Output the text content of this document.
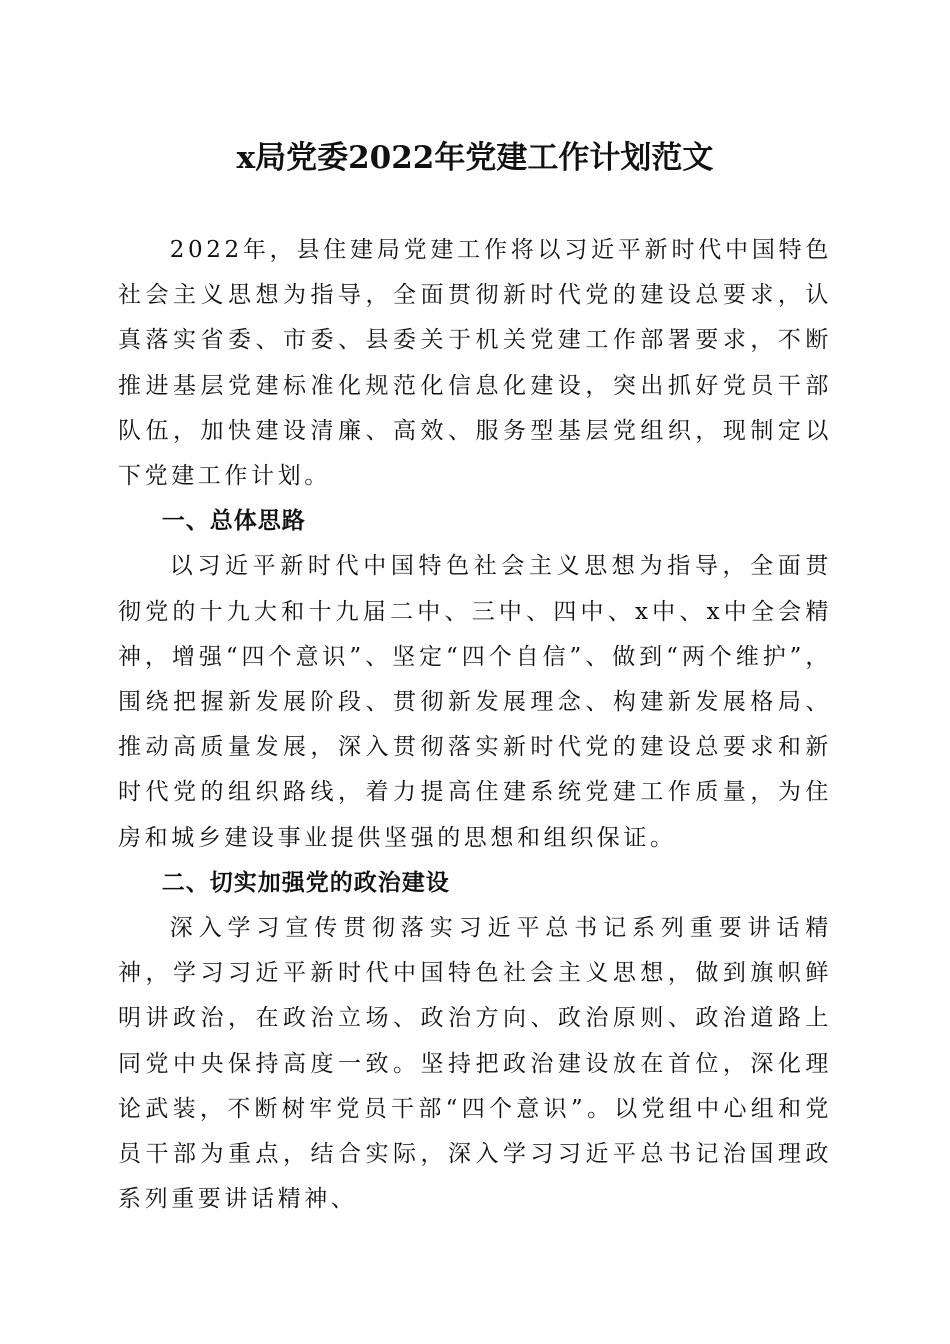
x局党委2022年党建工作计划范文

2022年，县住建局党建工作将以习近平新时代中国特色社会主义思想为指导，全面贯彻新时代党的建设总要求，认真落实省委、市委、县委关于机关党建工作部署要求，不断推进基层党建标准化规范化信息化建设，突出抓好党员干部队伍，加快建设清廉、高效、服务型基层党组织，现制定以下党建工作计划。

一、总体思路

以习近平新时代中国特色社会主义思想为指导，全面贯彻党的十九大和十九届二中、三中、四中、x中、x中全会精神，增强“四个意识”、坚定“四个自信”、做到“两个维护”，围绕把握新发展阶段、贯彻新发展理念、构建新发展格局、推动高质量发展，深入贯彻落实新时代党的建设总要求和新时代党的组织路线，着力提高住建系统党建工作质量，为住房和城乡建设事业提供坚强的思想和组织保证。

二、切实加强党的政治建设

深入学习宣传贯彻落实习近平总书记系列重要讲话精神，学习习近平新时代中国特色社会主义思想，做到旗帜鲜明讲政治，在政治立场、政治方向、政治原则、政治道路上同党中央保持高度一致。坚持把政治建设放在首位，深化理论武装，不断树牢党员干部“四个意识”。以党组中心组和党员干部为重点，结合实际，深入学习习近平总书记治国理政系列重要讲话精神、
